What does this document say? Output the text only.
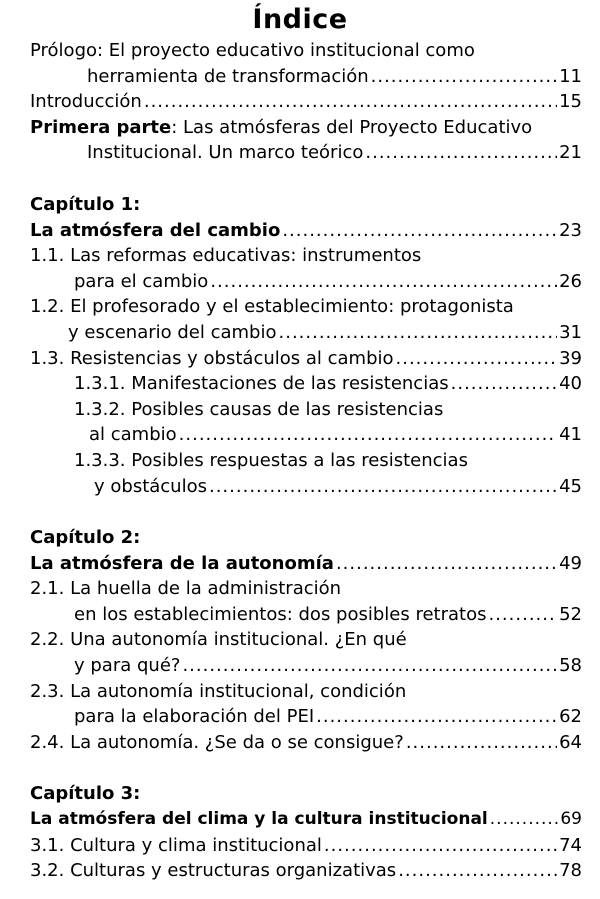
Índice
Prólogo: El proyecto educativo institucional como
herramienta de transformación .....	11
Introducción .....	15
Primera parte: Las atmósferas del Proyecto Educativo
Institucional. Un marco teórico .....	21
Capítulo 1:
La atmósfera del cambio .....	23
1.1. Las reformas educativas: instrumentos
para el cambio .....	26
1.2. El profesorado y el establecimiento: protagonista
y escenario del cambio .....	31
1.3. Resistencias y obstáculos al cambio .....	39
1.3.1. Manifestaciones de las resistencias .....	40
1.3.2. Posibles causas de las resistencias
al cambio .....	41
1.3.3. Posibles respuestas a las resistencias
y obstáculos .....	45
Capítulo 2:
La atmósfera de la autonomía .....	49
2.1. La huella de la administración
en los establecimientos: dos posibles retratos .....	52
2.2. Una autonomía institucional. ¿En qué
y para qué? .....	58
2.3. La autonomía institucional, condición
para la elaboración del PEI .....	62
2.4. La autonomía. ¿Se da o se consigue? .....	64
Capítulo 3:
La atmósfera del clima y la cultura institucional .....	69
3.1. Cultura y clima institucional .....	74
3.2. Culturas y estructuras organizativas .....	78
